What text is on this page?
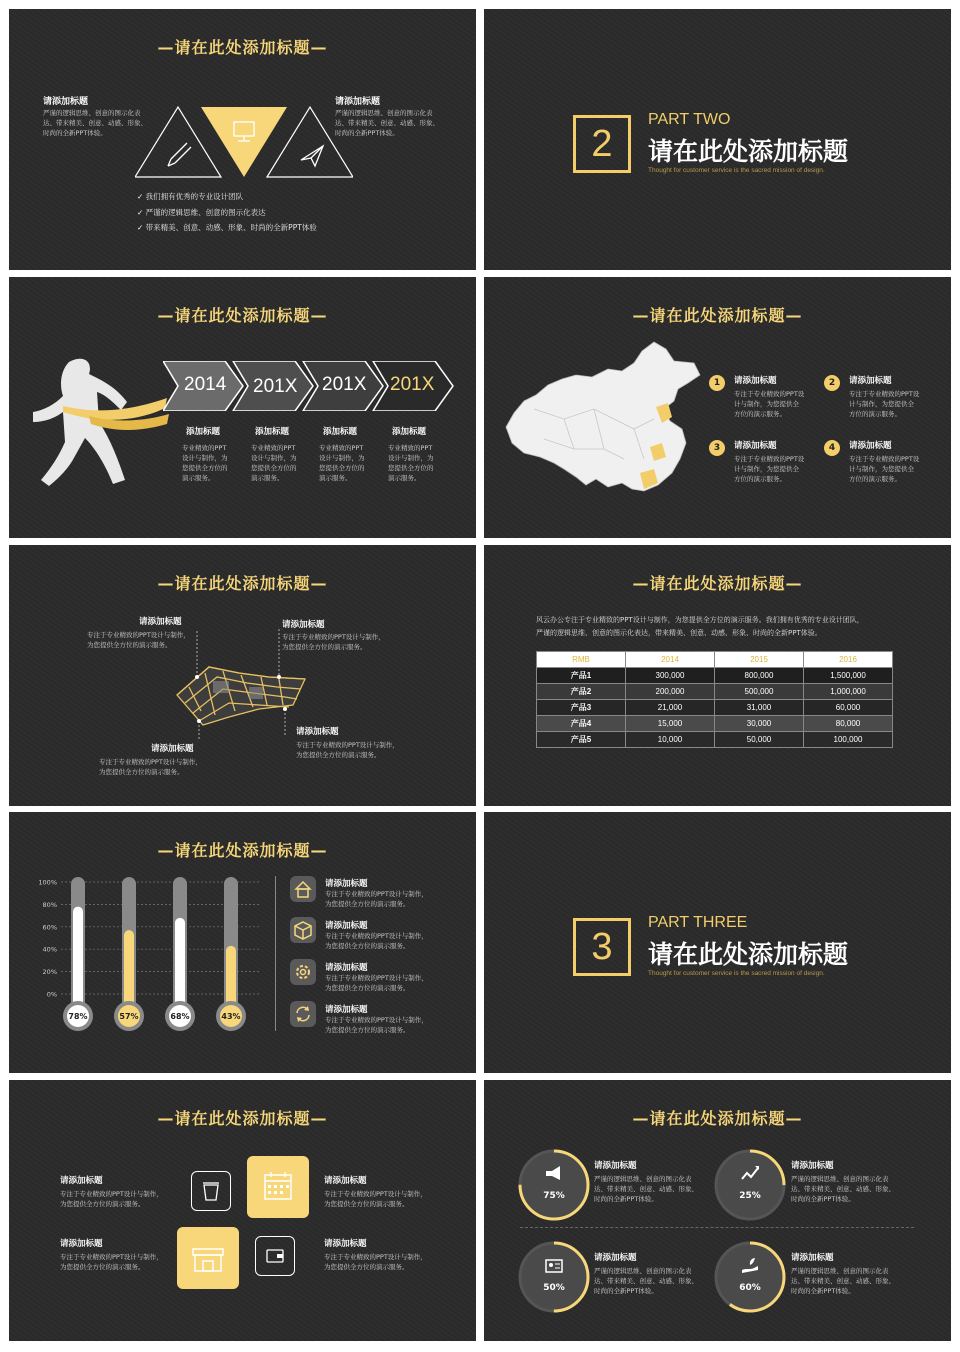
—请在此处添加标题—
请添加标题
严谨的逻辑思维、创意的图示化表
达、带来精美、创意、动感、形象、
时尚的全新PPT体验。
请添加标题
严谨的逻辑思维、创意的图示化表
达、带来精美、创意、动感、形象、
时尚的全新PPT体验。
✓ 我们拥有优秀的专业设计团队
✓ 严谨的逻辑思维、创意的图示化表达
✓ 带来精美、创意、动感、形象、时尚的全新PPT体验
2
PART TWO
请在此处添加标题
Thought for customer service is the sacred mission of design.
—请在此处添加标题—
2014 201X 201X 201X
添加标题
专业精致的PPT
设计与制作，为
您提供全方位的
演示服务。
添加标题
专业精致的PPT
设计与制作，为
您提供全方位的
演示服务。
添加标题
专业精致的PPT
设计与制作，为
您提供全方位的
演示服务。
添加标题
专业精致的PPT
设计与制作，为
您提供全方位的
演示服务。
—请在此处添加标题—
1	请添加标题
专注于专业精致的PPT设
计与制作，为您提供全
方位的演示服务。
2	请添加标题
专注于专业精致的PPT设
计与制作，为您提供全
方位的演示服务。
3	请添加标题
专注于专业精致的PPT设
计与制作，为您提供全
方位的演示服务。
4	请添加标题
专注于专业精致的PPT设
计与制作，为您提供全
方位的演示服务。
—请在此处添加标题—
请添加标题
专注于专业精致的PPT设计与制作，
为您提供全方位的演示服务。
请添加标题
专注于专业精致的PPT设计与制作，
为您提供全方位的演示服务。
请添加标题
专注于专业精致的PPT设计与制作，
为您提供全方位的演示服务。
请添加标题
专注于专业精致的PPT设计与制作，
为您提供全方位的演示服务。
—请在此处添加标题—
风云办公专注于专业精致的PPT设计与制作，为您提供全方位的演示服务。我们拥有优秀的专业设计团队，
严谨的逻辑思维、创意的图示化表达，带来精美、创意、动感、形象、时尚的全新PPT体验。
RMB	2014	2015	2016
产品1	300,000	800,000	1,500,000
产品2	200,000	500,000	1,000,000
产品3	21,000	31,000	60,000
产品4	15,000	30,000	80,000
产品5	10,000	50,000	100,000
—请在此处添加标题—
100%
80%
60%
40%
20%
0%
78%	57%	68%	43%
请添加标题
专注于专业精致的PPT设计与制作，
为您提供全方位的演示服务。
请添加标题
专注于专业精致的PPT设计与制作，
为您提供全方位的演示服务。
请添加标题
专注于专业精致的PPT设计与制作，
为您提供全方位的演示服务。
请添加标题
专注于专业精致的PPT设计与制作，
为您提供全方位的演示服务。
3
PART THREE
请在此处添加标题
Thought for customer service is the sacred mission of design.
—请在此处添加标题—
请添加标题
专注于专业精致的PPT设计与制作，
为您提供全方位的演示服务。
请添加标题
专注于专业精致的PPT设计与制作，
为您提供全方位的演示服务。
请添加标题
专注于专业精致的PPT设计与制作，
为您提供全方位的演示服务。
请添加标题
专注于专业精致的PPT设计与制作，
为您提供全方位的演示服务。
—请在此处添加标题—
75%	25%
50%	60%
请添加标题
严谨的逻辑思维、创意的图示化表
达、带来精美、创意、动感、形象、
时尚的全新PPT体验。
请添加标题
严谨的逻辑思维、创意的图示化表
达、带来精美、创意、动感、形象、
时尚的全新PPT体验。
请添加标题
严谨的逻辑思维、创意的图示化表
达、带来精美、创意、动感、形象、
时尚的全新PPT体验。
请添加标题
严谨的逻辑思维、创意的图示化表
达、带来精美、创意、动感、形象、
时尚的全新PPT体验。
